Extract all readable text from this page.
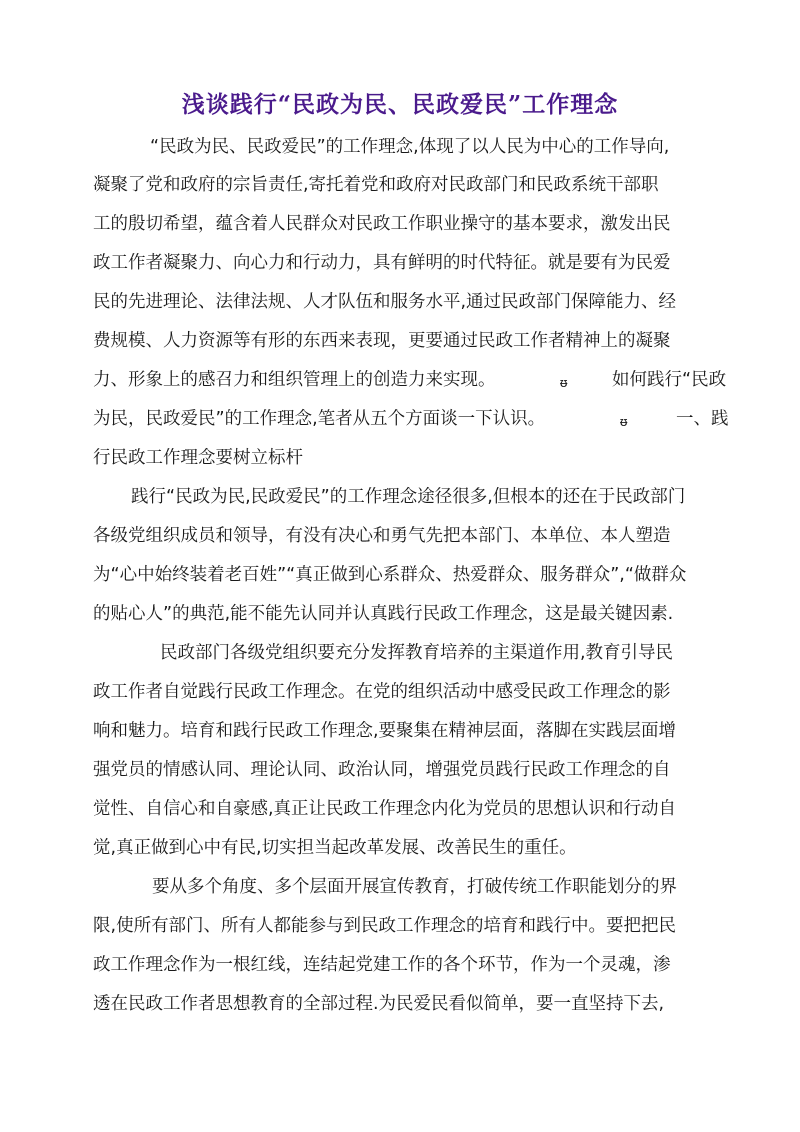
浅谈践行“民政为民、民政爱民”工作理念
“民政为民、民政爱民”的工作理念,体现了以人民为中心的工作导向,
凝聚了党和政府的宗旨责任,寄托着党和政府对民政部门和民政系统干部职
工的殷切希望，蕴含着人民群众对民政工作职业操守的基本要求，激发出民
政工作者凝聚力、向心力和行动力，具有鲜明的时代特征。就是要有为民爱
民的先进理论、法律法规、人才队伍和服务水平,通过民政部门保障能力、经
费规模、人力资源等有形的东西来表现，更要通过民政工作者精神上的凝聚
力、形象上的感召力和组织管理上的创造力来实现。	ᵿ	如何践行“民政
为民，民政爱民”的工作理念,笔者从五个方面谈一下认识。	ᵿ	一、践
行民政工作理念要树立标杆
践行“民政为民,民政爱民”的工作理念途径很多,但根本的还在于民政部门
各级党组织成员和领导，有没有决心和勇气先把本部门、本单位、本人塑造
为“心中始终装着老百姓”“真正做到心系群众、热爱群众、服务群众”,“做群众
的贴心人”的典范,能不能先认同并认真践行民政工作理念，这是最关键因素.
民政部门各级党组织要充分发挥教育培养的主渠道作用,教育引导民
政工作者自觉践行民政工作理念。在党的组织活动中感受民政工作理念的影
响和魅力。培育和践行民政工作理念,要聚集在精神层面，落脚在实践层面增
强党员的情感认同、理论认同、政治认同，增强党员践行民政工作理念的自
觉性、自信心和自豪感,真正让民政工作理念内化为党员的思想认识和行动自
觉,真正做到心中有民,切实担当起改革发展、改善民生的重任。
要从多个角度、多个层面开展宣传教育，打破传统工作职能划分的界
限,使所有部门、所有人都能参与到民政工作理念的培育和践行中。要把把民
政工作理念作为一根红线，连结起党建工作的各个环节，作为一个灵魂，渗
透在民政工作者思想教育的全部过程.为民爱民看似简单，要一直坚持下去,
